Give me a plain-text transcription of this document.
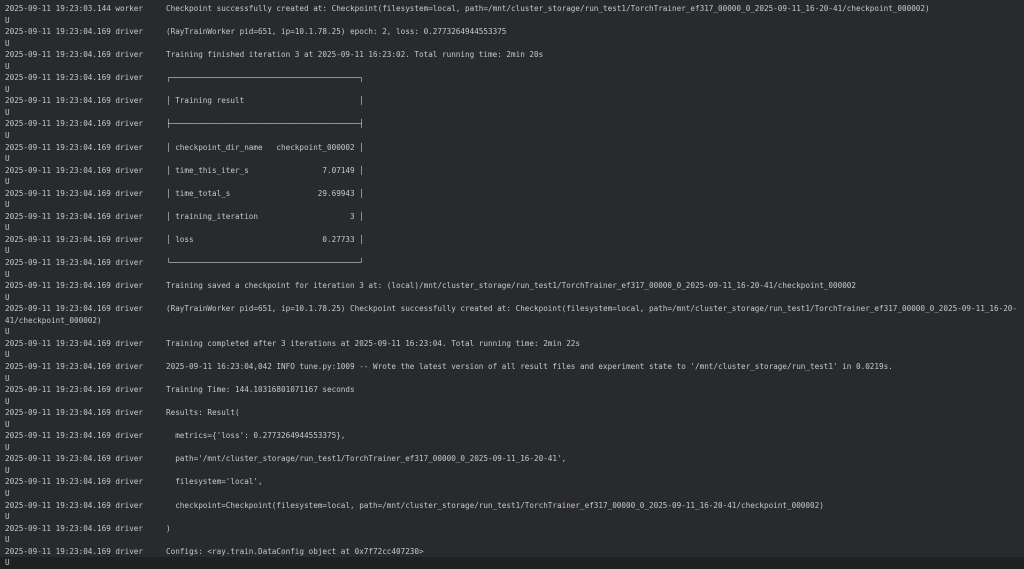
2025-09-11 19:23:03.144 worker     Checkpoint successfully created at: Checkpoint(filesystem=local, path=/mnt/cluster_storage/run_test1/TorchTrainer_ef317_00000_0_2025-09-11_16-20-41/checkpoint_000002)
U
2025-09-11 19:23:04.169 driver     (RayTrainWorker pid=651, ip=10.1.78.25) epoch: 2, loss: 0.2773264944553375
U
2025-09-11 19:23:04.169 driver     Training finished iteration 3 at 2025-09-11 16:23:02. Total running time: 2min 20s
U
2025-09-11 19:23:04.169 driver     ╭─────────────────────────────────────────╮
U
2025-09-11 19:23:04.169 driver     │ Training result                         │
U
2025-09-11 19:23:04.169 driver     ├─────────────────────────────────────────┤
U
2025-09-11 19:23:04.169 driver     │ checkpoint_dir_name   checkpoint_000002 │
U
2025-09-11 19:23:04.169 driver     │ time_this_iter_s                7.07149 │
U
2025-09-11 19:23:04.169 driver     │ time_total_s                   29.69943 │
U
2025-09-11 19:23:04.169 driver     │ training_iteration                    3 │
U
2025-09-11 19:23:04.169 driver     │ loss                            0.27733 │
U
2025-09-11 19:23:04.169 driver     ╰─────────────────────────────────────────╯
U
2025-09-11 19:23:04.169 driver     Training saved a checkpoint for iteration 3 at: (local)/mnt/cluster_storage/run_test1/TorchTrainer_ef317_00000_0_2025-09-11_16-20-41/checkpoint_000002
U
2025-09-11 19:23:04.169 driver     (RayTrainWorker pid=651, ip=10.1.78.25) Checkpoint successfully created at: Checkpoint(filesystem=local, path=/mnt/cluster_storage/run_test1/TorchTrainer_ef317_00000_0_2025-09-11_16-20-
41/checkpoint_000002)
U
2025-09-11 19:23:04.169 driver     Training completed after 3 iterations at 2025-09-11 16:23:04. Total running time: 2min 22s
U
2025-09-11 19:23:04.169 driver     2025-09-11 16:23:04,042 INFO tune.py:1009 -- Wrote the latest version of all result files and experiment state to '/mnt/cluster_storage/run_test1' in 0.0219s.
U
2025-09-11 19:23:04.169 driver     Training Time: 144.10316801071167 seconds
U
2025-09-11 19:23:04.169 driver     Results: Result(
U
2025-09-11 19:23:04.169 driver       metrics={'loss': 0.2773264944553375},
U
2025-09-11 19:23:04.169 driver       path='/mnt/cluster_storage/run_test1/TorchTrainer_ef317_00000_0_2025-09-11_16-20-41',
U
2025-09-11 19:23:04.169 driver       filesystem='local',
U
2025-09-11 19:23:04.169 driver       checkpoint=Checkpoint(filesystem=local, path=/mnt/cluster_storage/run_test1/TorchTrainer_ef317_00000_0_2025-09-11_16-20-41/checkpoint_000002)
U
2025-09-11 19:23:04.169 driver     )
U
2025-09-11 19:23:04.169 driver     Configs: <ray.train.DataConfig object at 0x7f72cc407230>
U
